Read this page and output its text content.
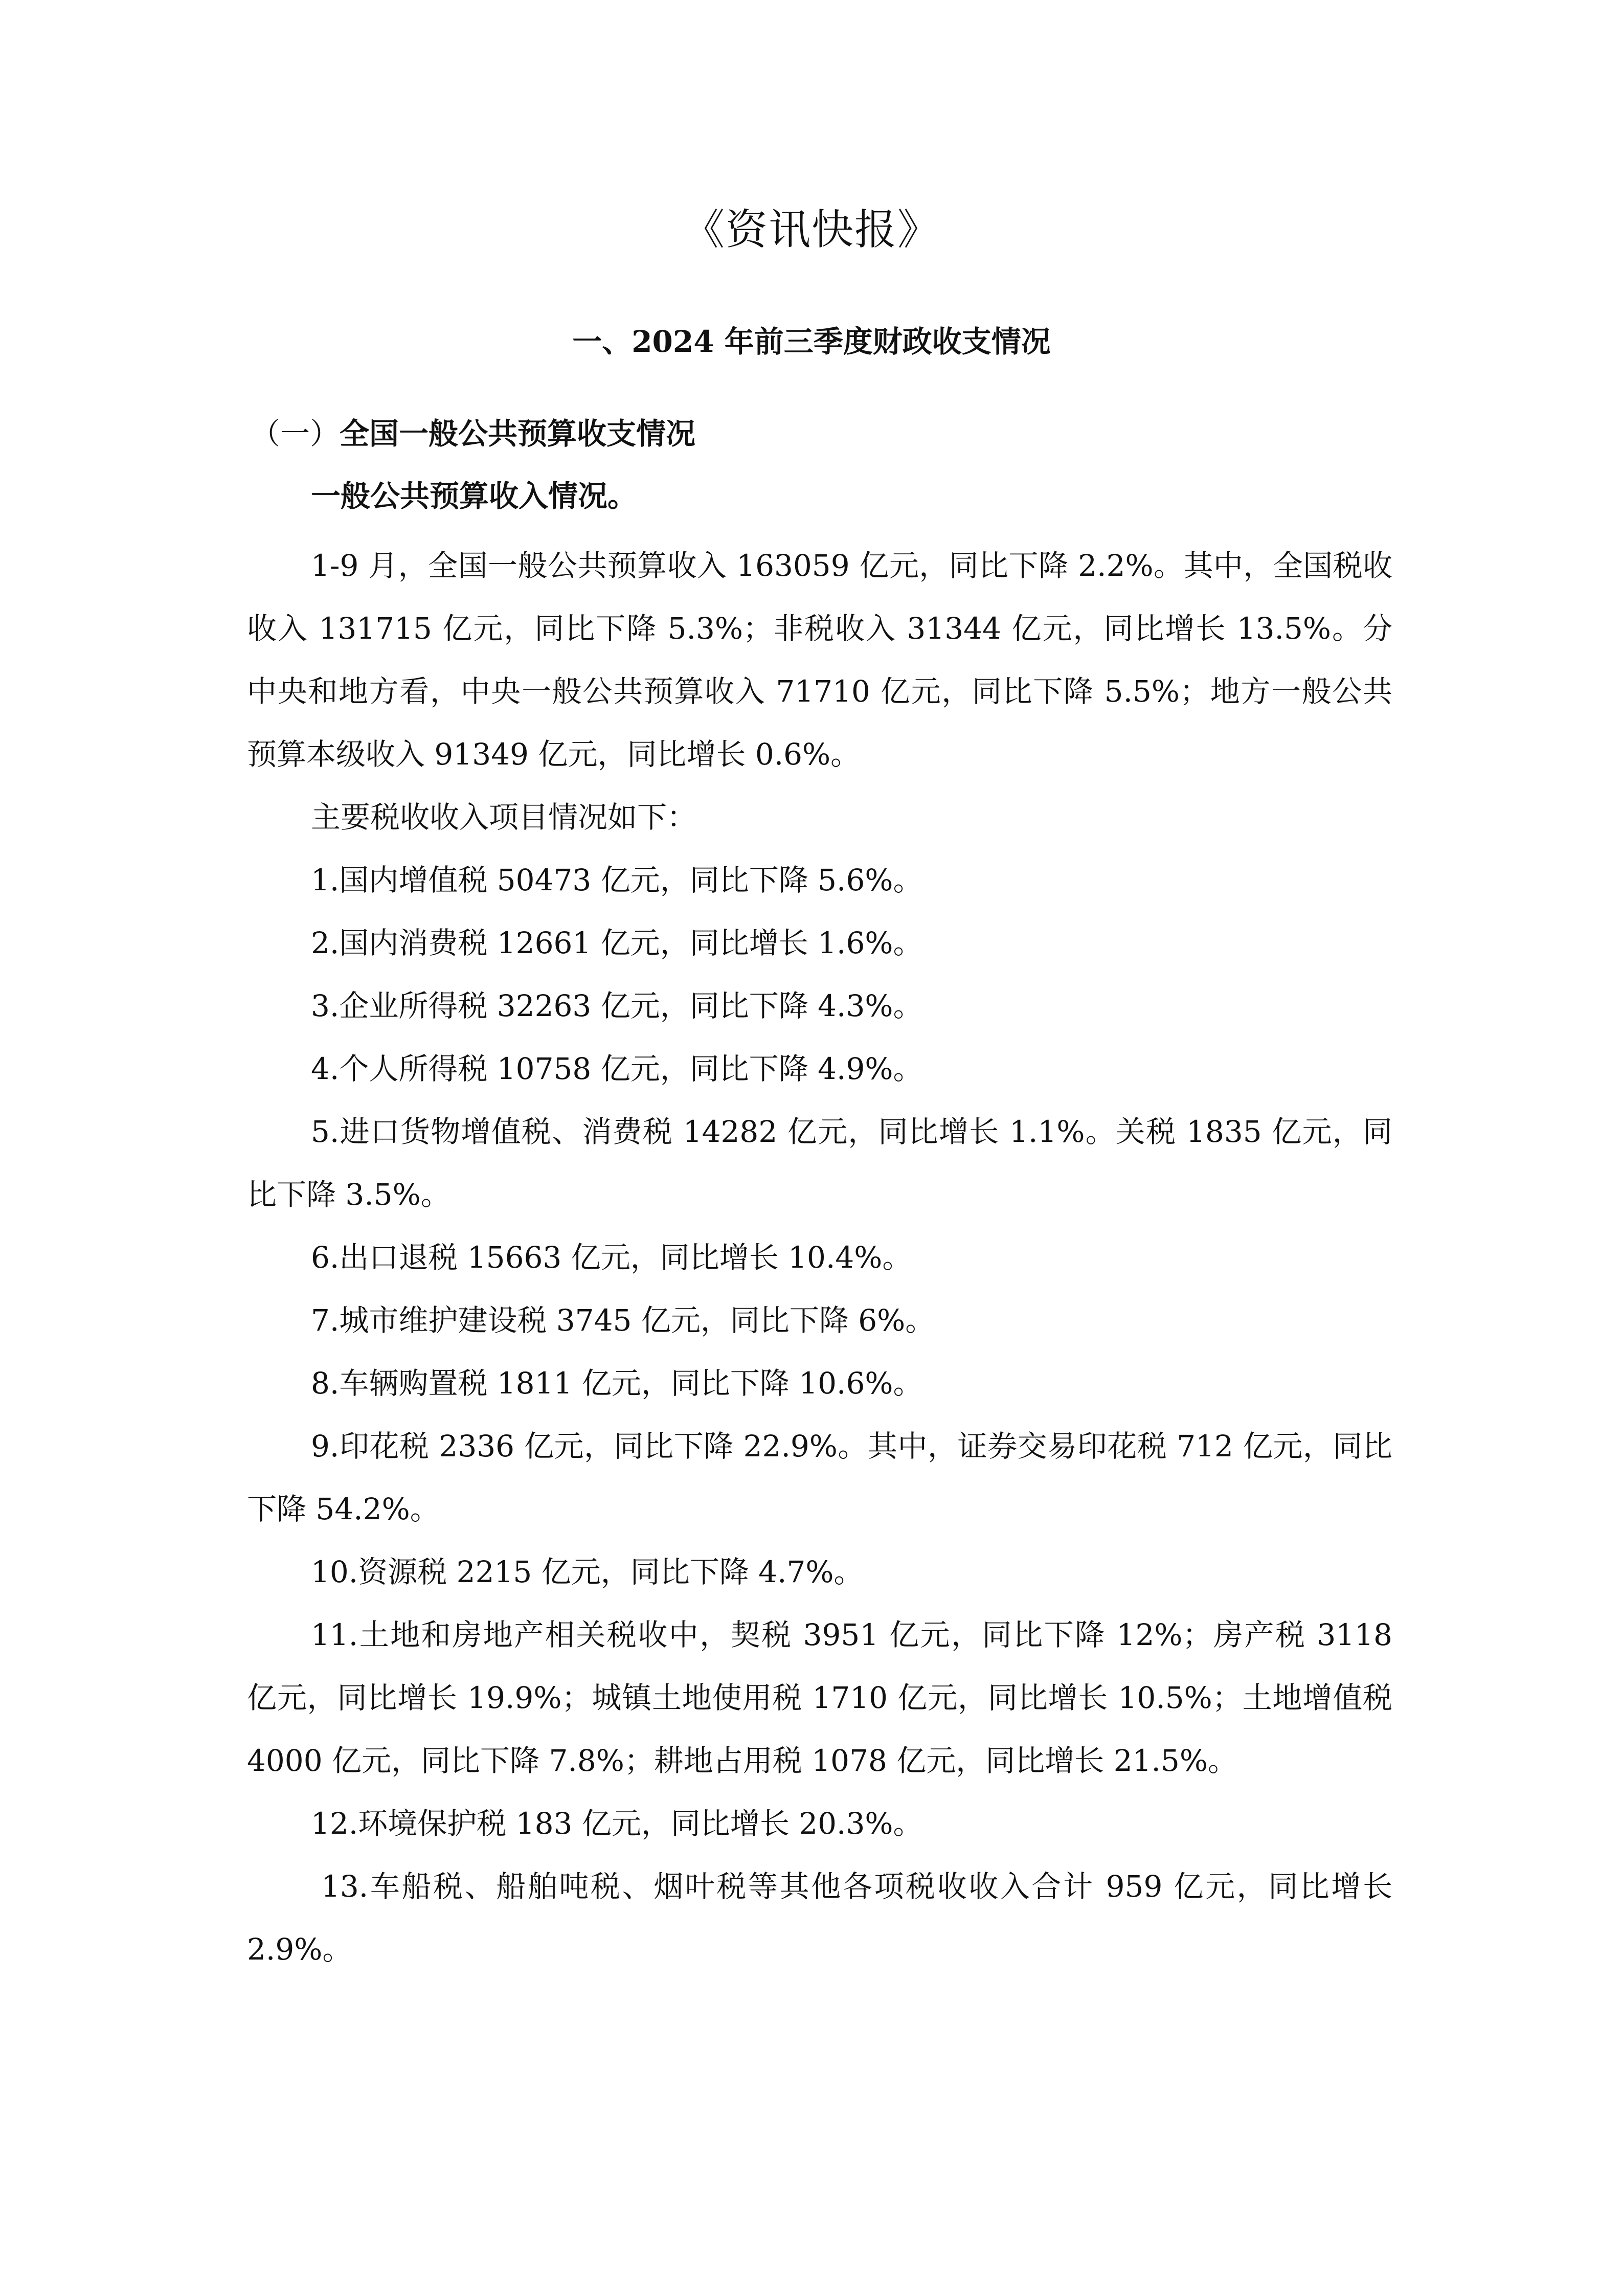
《资讯快报》
一、2024 年前三季度财政收支情况
（一）全国一般公共预算收支情况
一般公共预算收入情况。

1-9 月，全国一般公共预算收入 163059 亿元，同比下降 2.2%。其中，全国税收收入 131715 亿元，同比下降 5.3%；非税收入 31344 亿元，同比增长 13.5%。分中央和地方看，中央一般公共预算收入 71710 亿元，同比下降 5.5%；地方一般公共预算本级收入 91349 亿元，同比增长 0.6%。

主要税收收入项目情况如下：

1.国内增值税 50473 亿元，同比下降 5.6%。

2.国内消费税 12661 亿元，同比增长 1.6%。

3.企业所得税 32263 亿元，同比下降 4.3%。

4.个人所得税 10758 亿元，同比下降 4.9%。

5.进口货物增值税、消费税 14282 亿元，同比增长 1.1%。关税 1835 亿元，同比下降 3.5%。

6.出口退税 15663 亿元，同比增长 10.4%。

7.城市维护建设税 3745 亿元，同比下降 6%。

8.车辆购置税 1811 亿元，同比下降 10.6%。

9.印花税 2336 亿元，同比下降 22.9%。其中，证券交易印花税 712 亿元，同比下降 54.2%。

10.资源税 2215 亿元，同比下降 4.7%。

11.土地和房地产相关税收中，契税 3951 亿元，同比下降 12%；房产税 3118 亿元，同比增长 19.9%；城镇土地使用税 1710 亿元，同比增长 10.5%；土地增值税 4000 亿元，同比下降 7.8%；耕地占用税 1078 亿元，同比增长 21.5%。

12.环境保护税 183 亿元，同比增长 20.3%。

13.车船税、船舶吨税、烟叶税等其他各项税收收入合计 959 亿元，同比增长 2.9%。
